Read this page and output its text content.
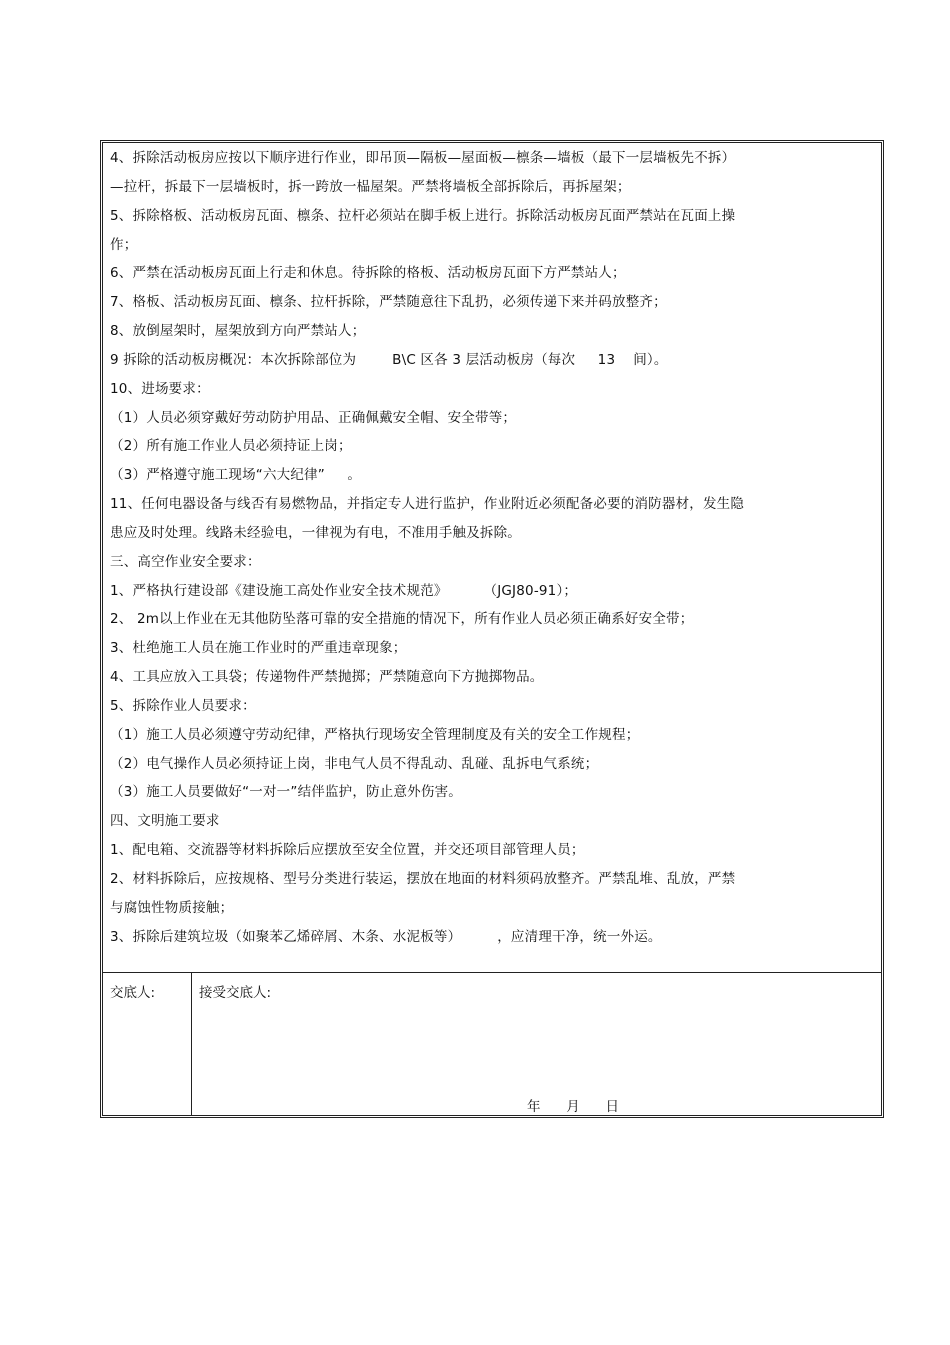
4、拆除活动板房应按以下顺序进行作业，即吊顶—隔板—屋面板—檩条—墙板（最下一层墙板先不拆）
—拉杆，拆最下一层墙板时，拆一跨放一榀屋架。严禁将墙板全部拆除后，再拆屋架；
5、拆除格板、活动板房瓦面、檩条、拉杆必须站在脚手板上进行。拆除活动板房瓦面严禁站在瓦面上操
作；
6、严禁在活动板房瓦面上行走和休息。待拆除的格板、活动板房瓦面下方严禁站人；
7、格板、活动板房瓦面、檩条、拉杆拆除，严禁随意往下乱扔，必须传递下来并码放整齐；
8、放倒屋架时，屋架放到方向严禁站人；
9 拆除的活动板房概况：本次拆除部位为        B\C 区各 3 层活动板房（每次     13    间）。
10、进场要求：
（1）人员必须穿戴好劳动防护用品、正确佩戴安全帽、安全带等；
（2）所有施工作业人员必须持证上岗；
（3）严格遵守施工现场“六大纪律”     。
11、任何电器设备与线否有易燃物品，并指定专人进行监护，作业附近必须配备必要的消防器材，发生隐
患应及时处理。线路未经验电，一律视为有电，不准用手触及拆除。
三、高空作业安全要求：
1、严格执行建设部《建设施工高处作业安全技术规范》        （JGJ80-91）；
2、 2m以上作业在无其他防坠落可靠的安全措施的情况下，所有作业人员必须正确系好安全带；
3、杜绝施工人员在施工作业时的严重违章现象；
4、工具应放入工具袋；传递物件严禁抛掷；严禁随意向下方抛掷物品。
5、拆除作业人员要求：
（1）施工人员必须遵守劳动纪律，严格执行现场安全管理制度及有关的安全工作规程；
（2）电气操作人员必须持证上岗，非电气人员不得乱动、乱碰、乱拆电气系统；
（3）施工人员要做好“一对一”结伴监护，防止意外伤害。
四、文明施工要求
1、配电箱、交流器等材料拆除后应摆放至安全位置，并交还项目部管理人员；
2、材料拆除后，应按规格、型号分类进行装运，摆放在地面的材料须码放整齐。严禁乱堆、乱放，严禁
与腐蚀性物质接触；
3、拆除后建筑垃圾（如聚苯乙烯碎屑、木条、水泥板等）        ，应清理干净，统一外运。
交底人:	接受交底人:
年      月      日
